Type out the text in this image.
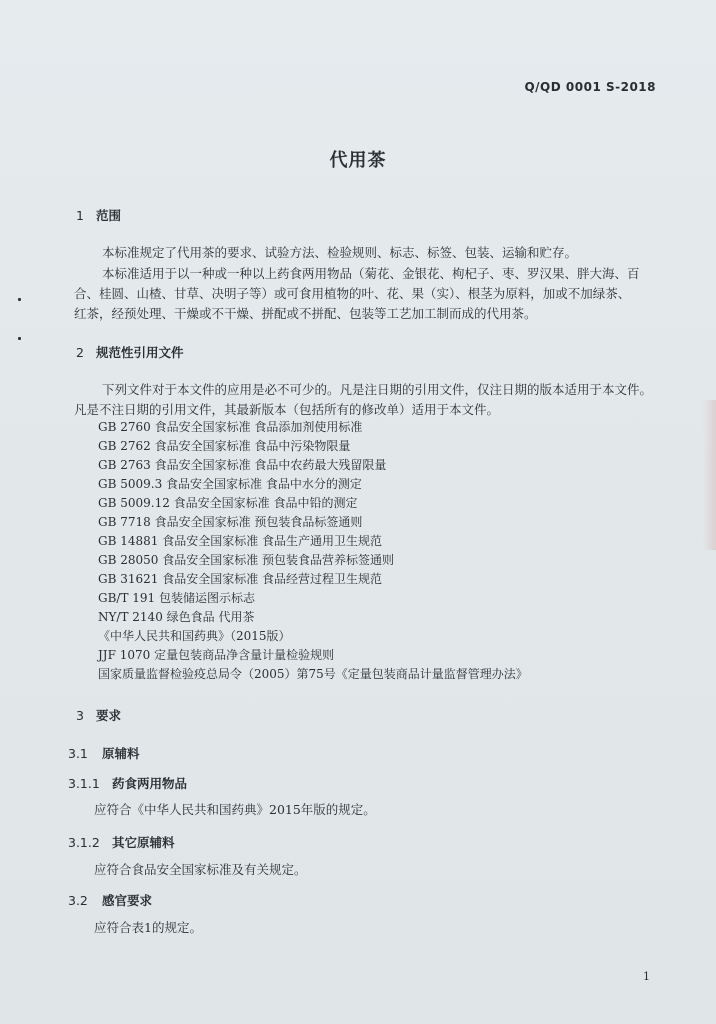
Q/QD 0001 S-2018
代用茶
1 范围
本标准规定了代用茶的要求、试验方法、检验规则、标志、标签、包装、运输和贮存。
本标准适用于以一种或一种以上药食两用物品（菊花、金银花、枸杞子、枣、罗汉果、胖大海、百
合、桂圆、山楂、甘草、决明子等）或可食用植物的叶、花、果（实）、根茎为原料，加或不加绿茶、
红茶，经预处理、干燥或不干燥、拼配或不拼配、包装等工艺加工制而成的代用茶。
2 规范性引用文件
下列文件对于本文件的应用是必不可少的。凡是注日期的引用文件，仅注日期的版本适用于本文件。
凡是不注日期的引用文件，其最新版本（包括所有的修改单）适用于本文件。
GB 2760 食品安全国家标准 食品添加剂使用标准
GB 2762 食品安全国家标准 食品中污染物限量
GB 2763 食品安全国家标准 食品中农药最大残留限量
GB 5009.3 食品安全国家标准 食品中水分的测定
GB 5009.12 食品安全国家标准 食品中铅的测定
GB 7718 食品安全国家标准 预包装食品标签通则
GB 14881 食品安全国家标准 食品生产通用卫生规范
GB 28050 食品安全国家标准 预包装食品营养标签通则
GB 31621 食品安全国家标准 食品经营过程卫生规范
GB/T 191 包装储运图示标志
NY/T 2140 绿色食品 代用茶
《中华人民共和国药典》（2015版）
JJF 1070 定量包装商品净含量计量检验规则
国家质量监督检验疫总局令（2005）第75号《定量包装商品计量监督管理办法》
3 要求
3.1 原辅料
3.1.1 药食两用物品
应符合《中华人民共和国药典》2015年版的规定。
3.1.2 其它原辅料
应符合食品安全国家标准及有关规定。
3.2 感官要求
应符合表1的规定。
1
